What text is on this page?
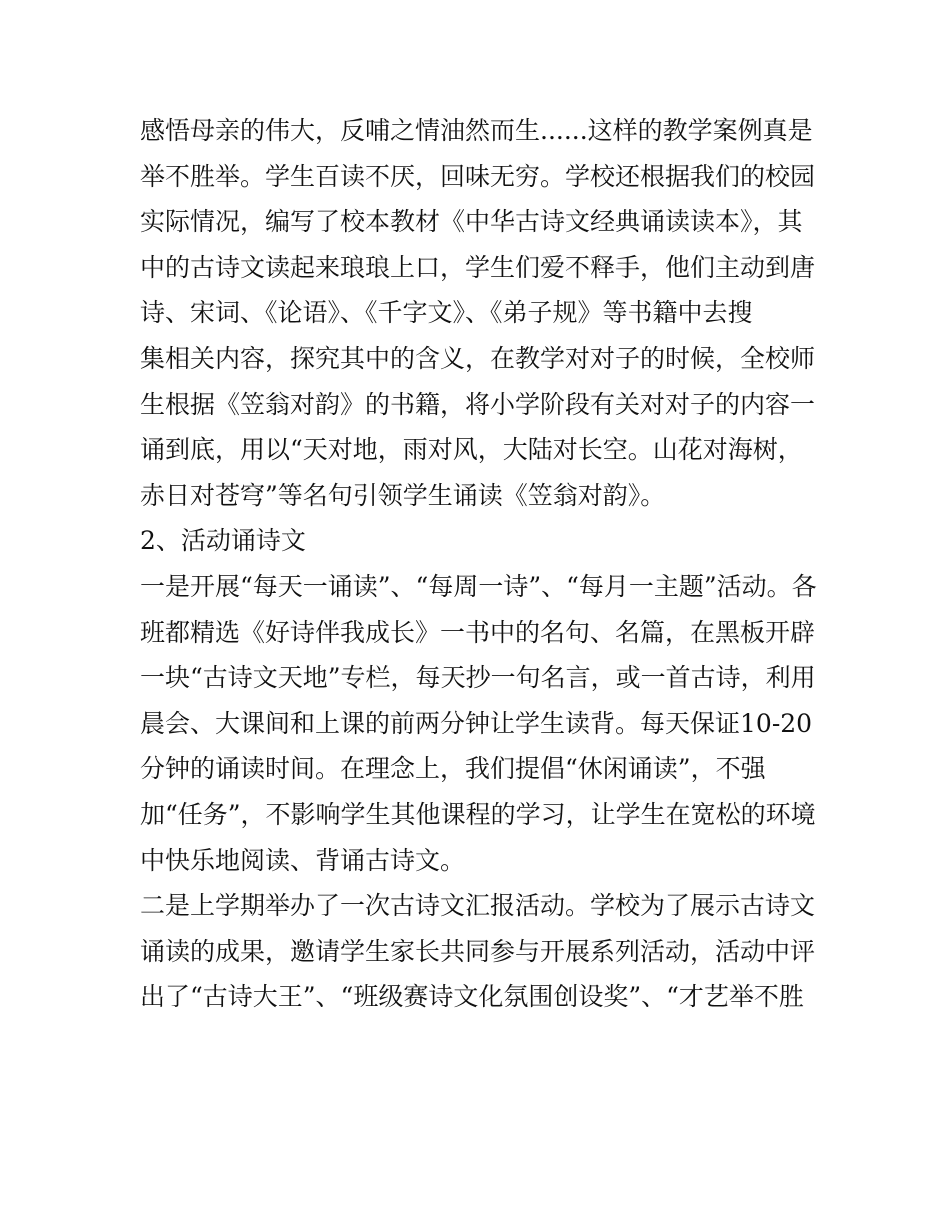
感悟母亲的伟大，反哺之情油然而生......这样的教学案例真是

举不胜举。学生百读不厌，回味无穷。学校还根据我们的校园

实际情况，编写了校本教材《中华古诗文经典诵读读本》，其

中的古诗文读起来琅琅上口，学生们爱不释手，他们主动到唐

诗、宋词、《论语》、《千字文》、《弟子规》等书籍中去搜

集相关内容，探究其中的含义，在教学对对子的时候，全校师

生根据《笠翁对韵》的书籍，将小学阶段有关对对子的内容一

诵到底，用以“天对地，雨对风，大陆对长空。山花对海树，

赤日对苍穹”等名句引领学生诵读《笠翁对韵》。

2、活动诵诗文

一是开展“每天一诵读”、“每周一诗”、“每月一主题”活动。各

班都精选《好诗伴我成长》一书中的名句、名篇，在黑板开辟

一块“古诗文天地”专栏，每天抄一句名言，或一首古诗，利用

晨会、大课间和上课的前两分钟让学生读背。每天保证10-20

分钟的诵读时间。在理念上，我们提倡“休闲诵读”，不强

加“任务”，不影响学生其他课程的学习，让学生在宽松的环境

中快乐地阅读、背诵古诗文。

二是上学期举办了一次古诗文汇报活动。学校为了展示古诗文

诵读的成果，邀请学生家长共同参与开展系列活动，活动中评

出了“古诗大王”、“班级赛诗文化氛围创设奖”、“才艺举不胜
